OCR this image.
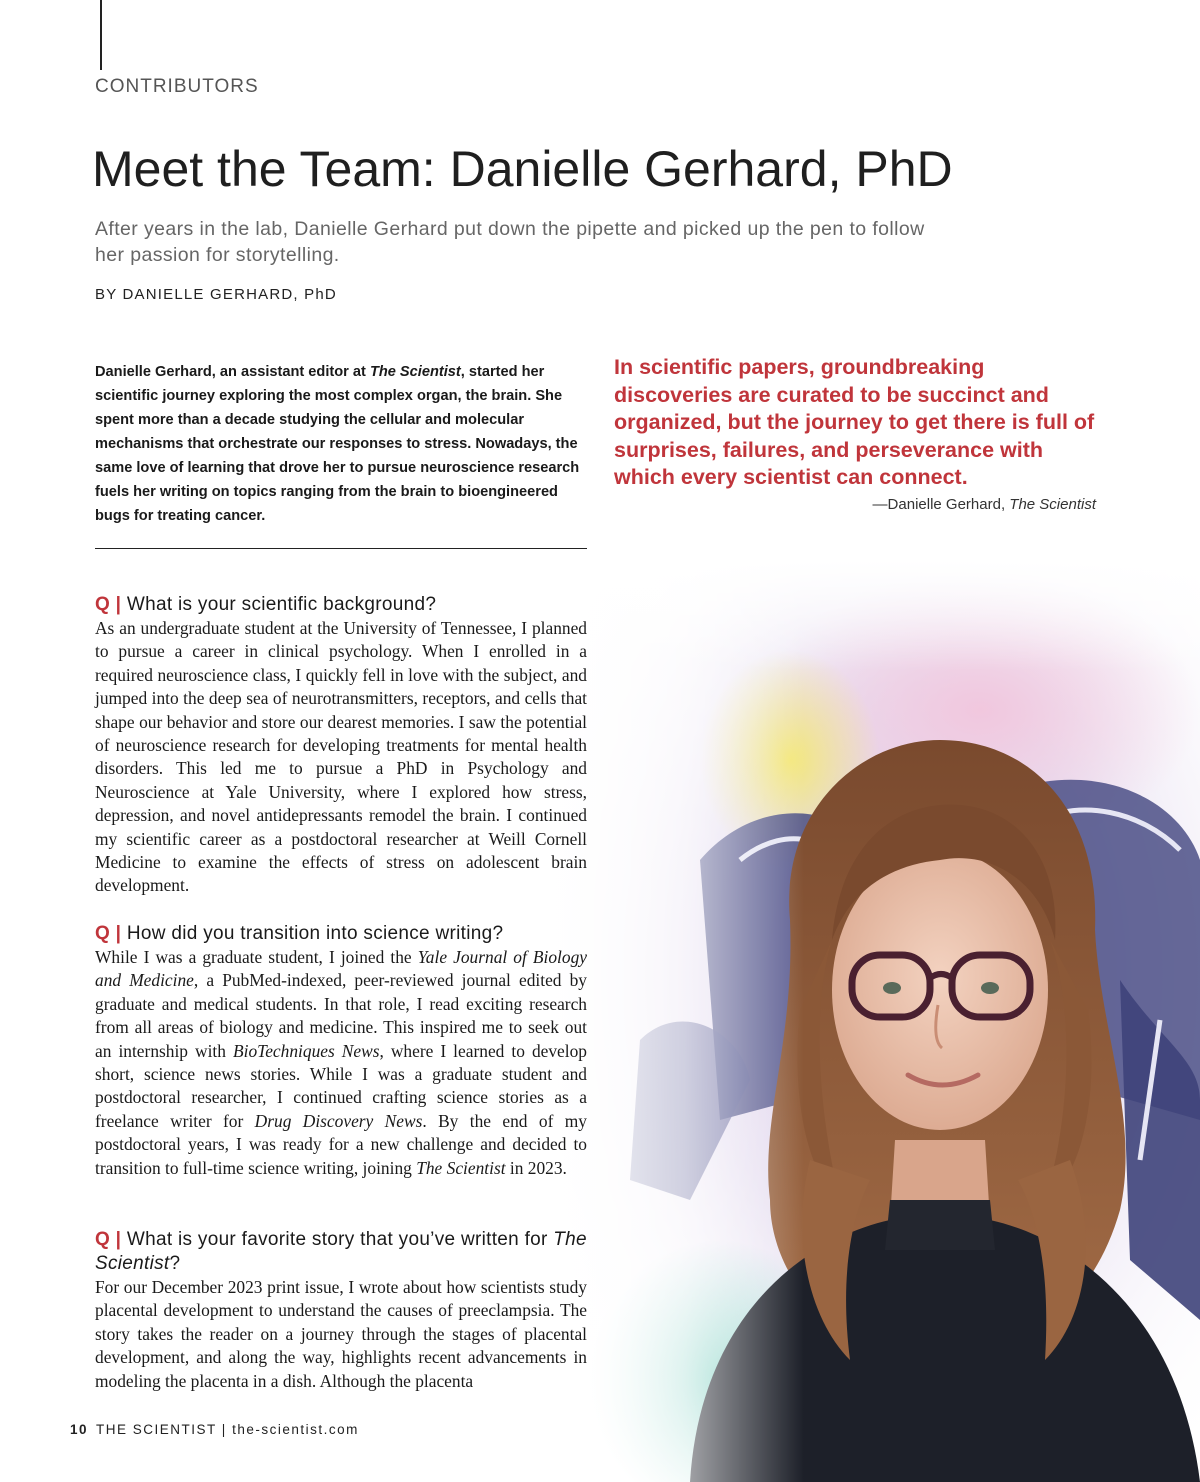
CONTRIBUTORS
Meet the Team: Danielle Gerhard, PhD
After years in the lab, Danielle Gerhard put down the pipette and picked up the pen to follow her passion for storytelling.
BY DANIELLE GERHARD, PhD
Danielle Gerhard, an assistant editor at The Scientist, started her scientific journey exploring the most complex organ, the brain. She spent more than a decade studying the cellular and molecular mechanisms that orchestrate our responses to stress. Nowadays, the same love of learning that drove her to pursue neuroscience research fuels her writing on topics ranging from the brain to bioengineered bugs for treating cancer.
In scientific papers, groundbreaking discoveries are curated to be succinct and organized, but the journey to get there is full of surprises, failures, and perseverance with which every scientist can connect.
—Danielle Gerhard, The Scientist

Q | What is your scientific background?

As an undergraduate student at the University of Tennessee, I planned to pursue a career in clinical psychology. When I enrolled in a required neuroscience class, I quickly fell in love with the subject, and jumped into the deep sea of neurotransmitters, receptors, and cells that shape our behavior and store our dearest memories. I saw the potential of neuroscience research for developing treatments for mental health disorders. This led me to pursue a PhD in Psychology and Neuroscience at Yale University, where I explored how stress, depression, and novel antidepressants remodel the brain. I continued my scientific career as a postdoctoral researcher at Weill Cornell Medicine to examine the effects of stress on adolescent brain development.

Q | How did you transition into science writing?

While I was a graduate student, I joined the Yale Journal of Biology and Medicine, a PubMed-indexed, peer-reviewed journal edited by graduate and medical students. In that role, I read exciting research from all areas of biology and medicine. This inspired me to seek out an internship with BioTechniques News, where I learned to develop short, science news stories. While I was a graduate student and postdoctoral researcher, I continued crafting science stories as a freelance writer for Drug Discovery News. By the end of my postdoctoral years, I was ready for a new challenge and decided to transition to full-time science writing, joining The Scientist in 2023.

Q | What is your favorite story that you’ve written for The Scientist?

For our December 2023 print issue, I wrote about how scientists study placental development to understand the causes of preeclampsia. The story takes the reader on a journey through the stages of placental development, and along the way, highlights recent advancements in modeling the placenta in a dish. Although the placenta

10 THE SCIENTIST | the-scientist.com
